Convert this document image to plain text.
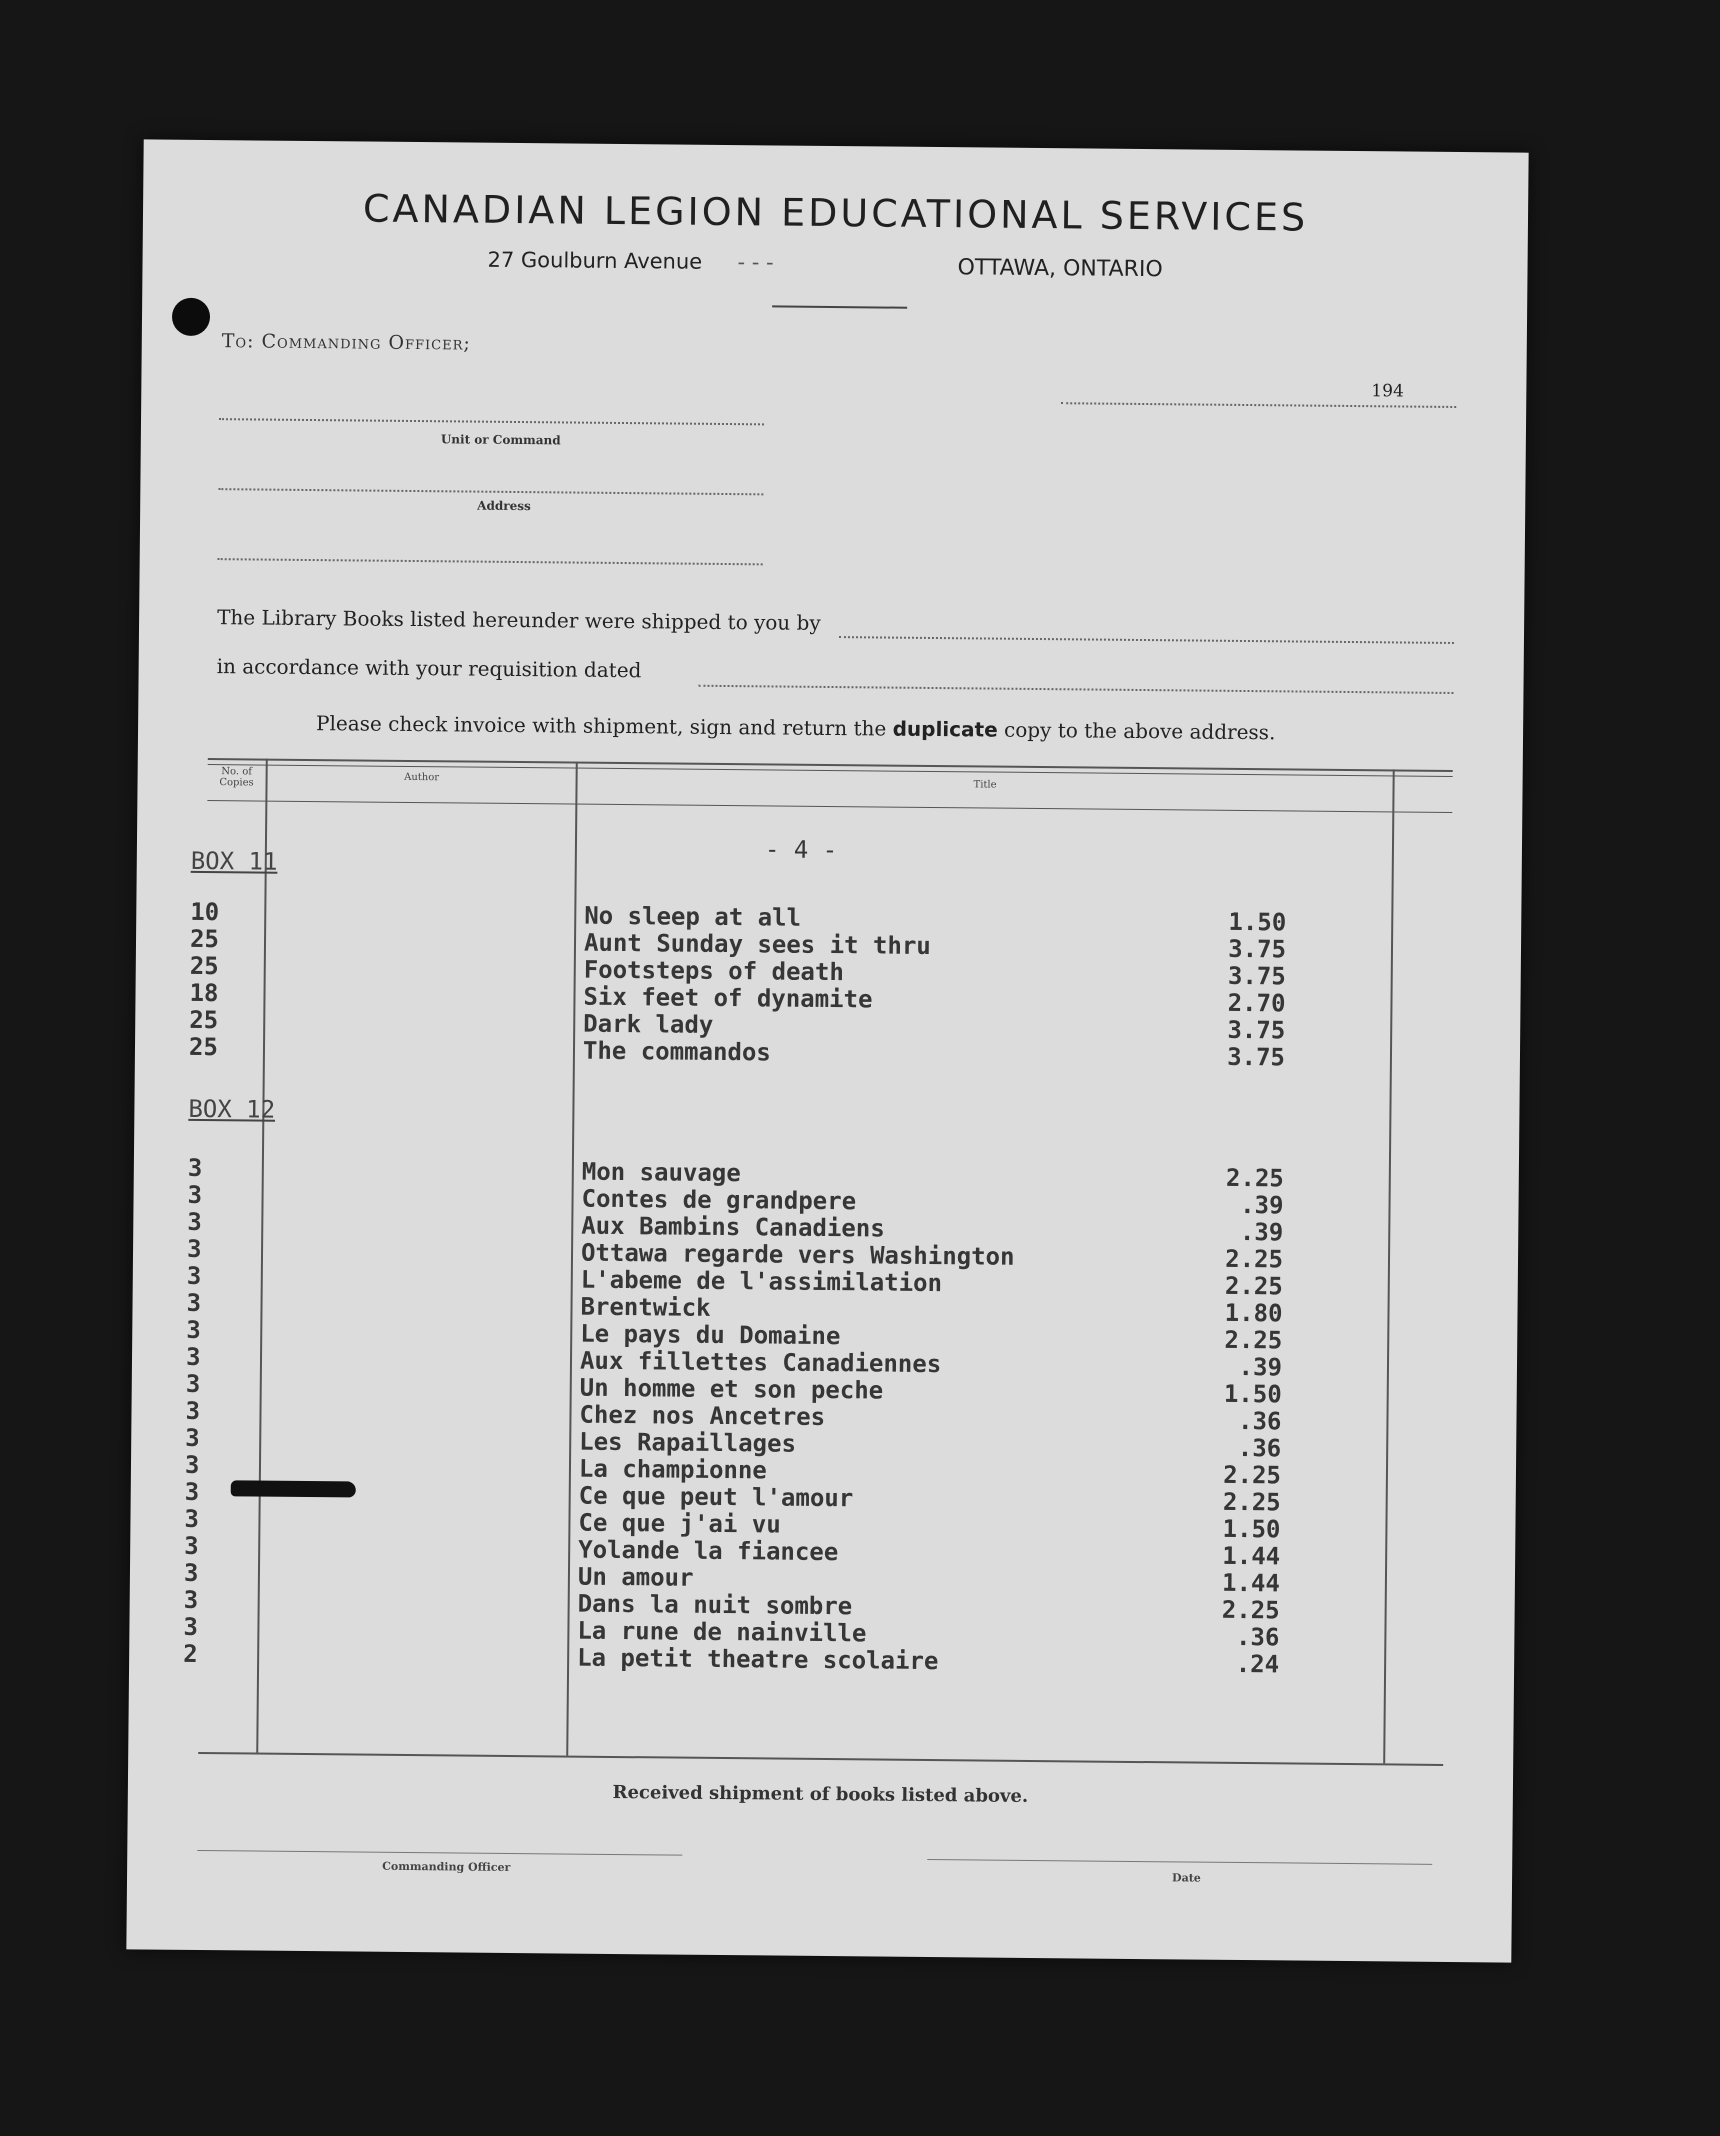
CANADIAN LEGION EDUCATIONAL SERVICES
27 Goulburn Avenue - - -	OTTAWA, ONTARIO
To: Commanding Officer;
194
Unit or Command
Address
The Library Books listed hereunder were shipped to you by
in accordance with your requisition dated
Please check invoice with shipment, sign and return the duplicate copy to the above address.
No. of Copies	Author
Title
- 4 -
BOX 11
10	No sleep at all	1.50
25	Aunt Sunday sees it thru	3.75
25	Footsteps of death	3.75
18	Six feet of dynamite	2.70
25	Dark lady	3.75
25	The commandos	3.75
BOX 12
3	Mon sauvage	2.25
3	Contes de grandpere	.39
3	Aux Bambins Canadiens	.39
3	Ottawa regarde vers Washington	2.25
3	L'abeme de l'assimilation	2.25
3	Brentwick	1.80
3	Le pays du Domaine	2.25
3	Aux fillettes Canadiennes	.39
3	Un homme et son peche	1.50
3	Chez nos Ancetres	.36
3	Les Rapaillages	.36
3	La championne	2.25
3	Ce que peut l'amour	2.25
3	Ce que j'ai vu	1.50
3	Yolande la fiancee	1.44
3	Un amour	1.44
3	Dans la nuit sombre	2.25
3	La rune de nainville	.36
2	La petit theatre scolaire	.24
Received shipment of books listed above.
Commanding Officer
Date
